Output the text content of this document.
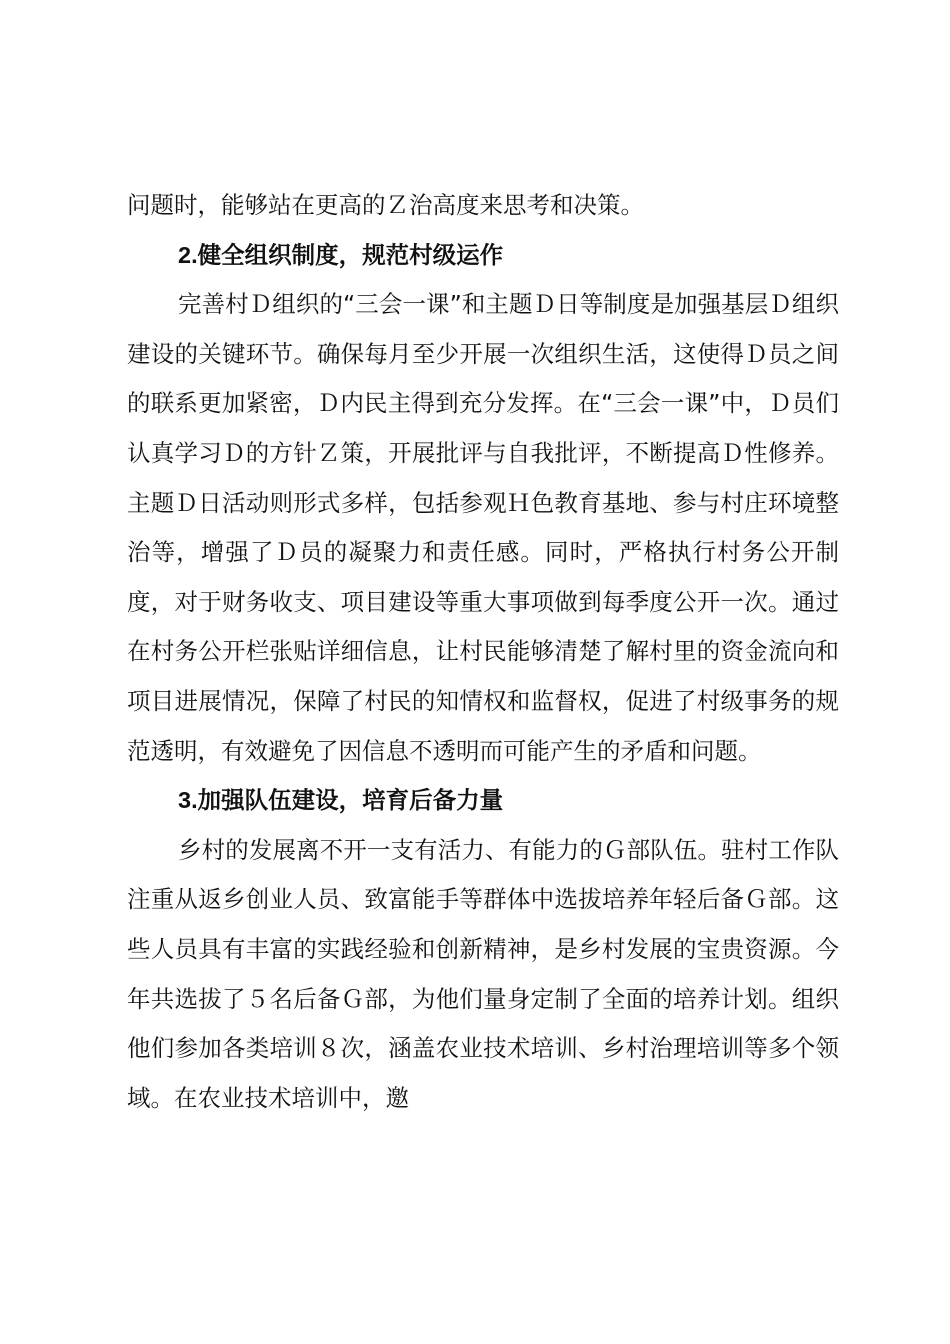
问题时，能够站在更高的Ｚ治高度来思考和决策。

2.健全组织制度，规范村级运作

完善村Ｄ组织的“三会一课”和主题Ｄ日等制度是加强基层Ｄ组织建设的关键环节。确保每月至少开展一次组织生活，这使得Ｄ员之间的联系更加紧密，Ｄ内民主得到充分发挥。在“三会一课”中，Ｄ员们认真学习Ｄ的方针Ｚ策，开展批评与自我批评，不断提高Ｄ性修养。主题Ｄ日活动则形式多样，包括参观Ｈ色教育基地、参与村庄环境整治等，增强了Ｄ员的凝聚力和责任感。同时，严格执行村务公开制度，对于财务收支、项目建设等重大事项做到每季度公开一次。通过在村务公开栏张贴详细信息，让村民能够清楚了解村里的资金流向和项目进展情况，保障了村民的知情权和监督权，促进了村级事务的规范透明，有效避免了因信息不透明而可能产生的矛盾和问题。

3.加强队伍建设，培育后备力量

乡村的发展离不开一支有活力、有能力的Ｇ部队伍。驻村工作队注重从返乡创业人员、致富能手等群体中选拔培养年轻后备Ｇ部。这些人员具有丰富的实践经验和创新精神，是乡村发展的宝贵资源。今年共选拔了５名后备Ｇ部，为他们量身定制了全面的培养计划。组织他们参加各类培训８次，涵盖农业技术培训、乡村治理培训等多个领域。在农业技术培训中，邀
